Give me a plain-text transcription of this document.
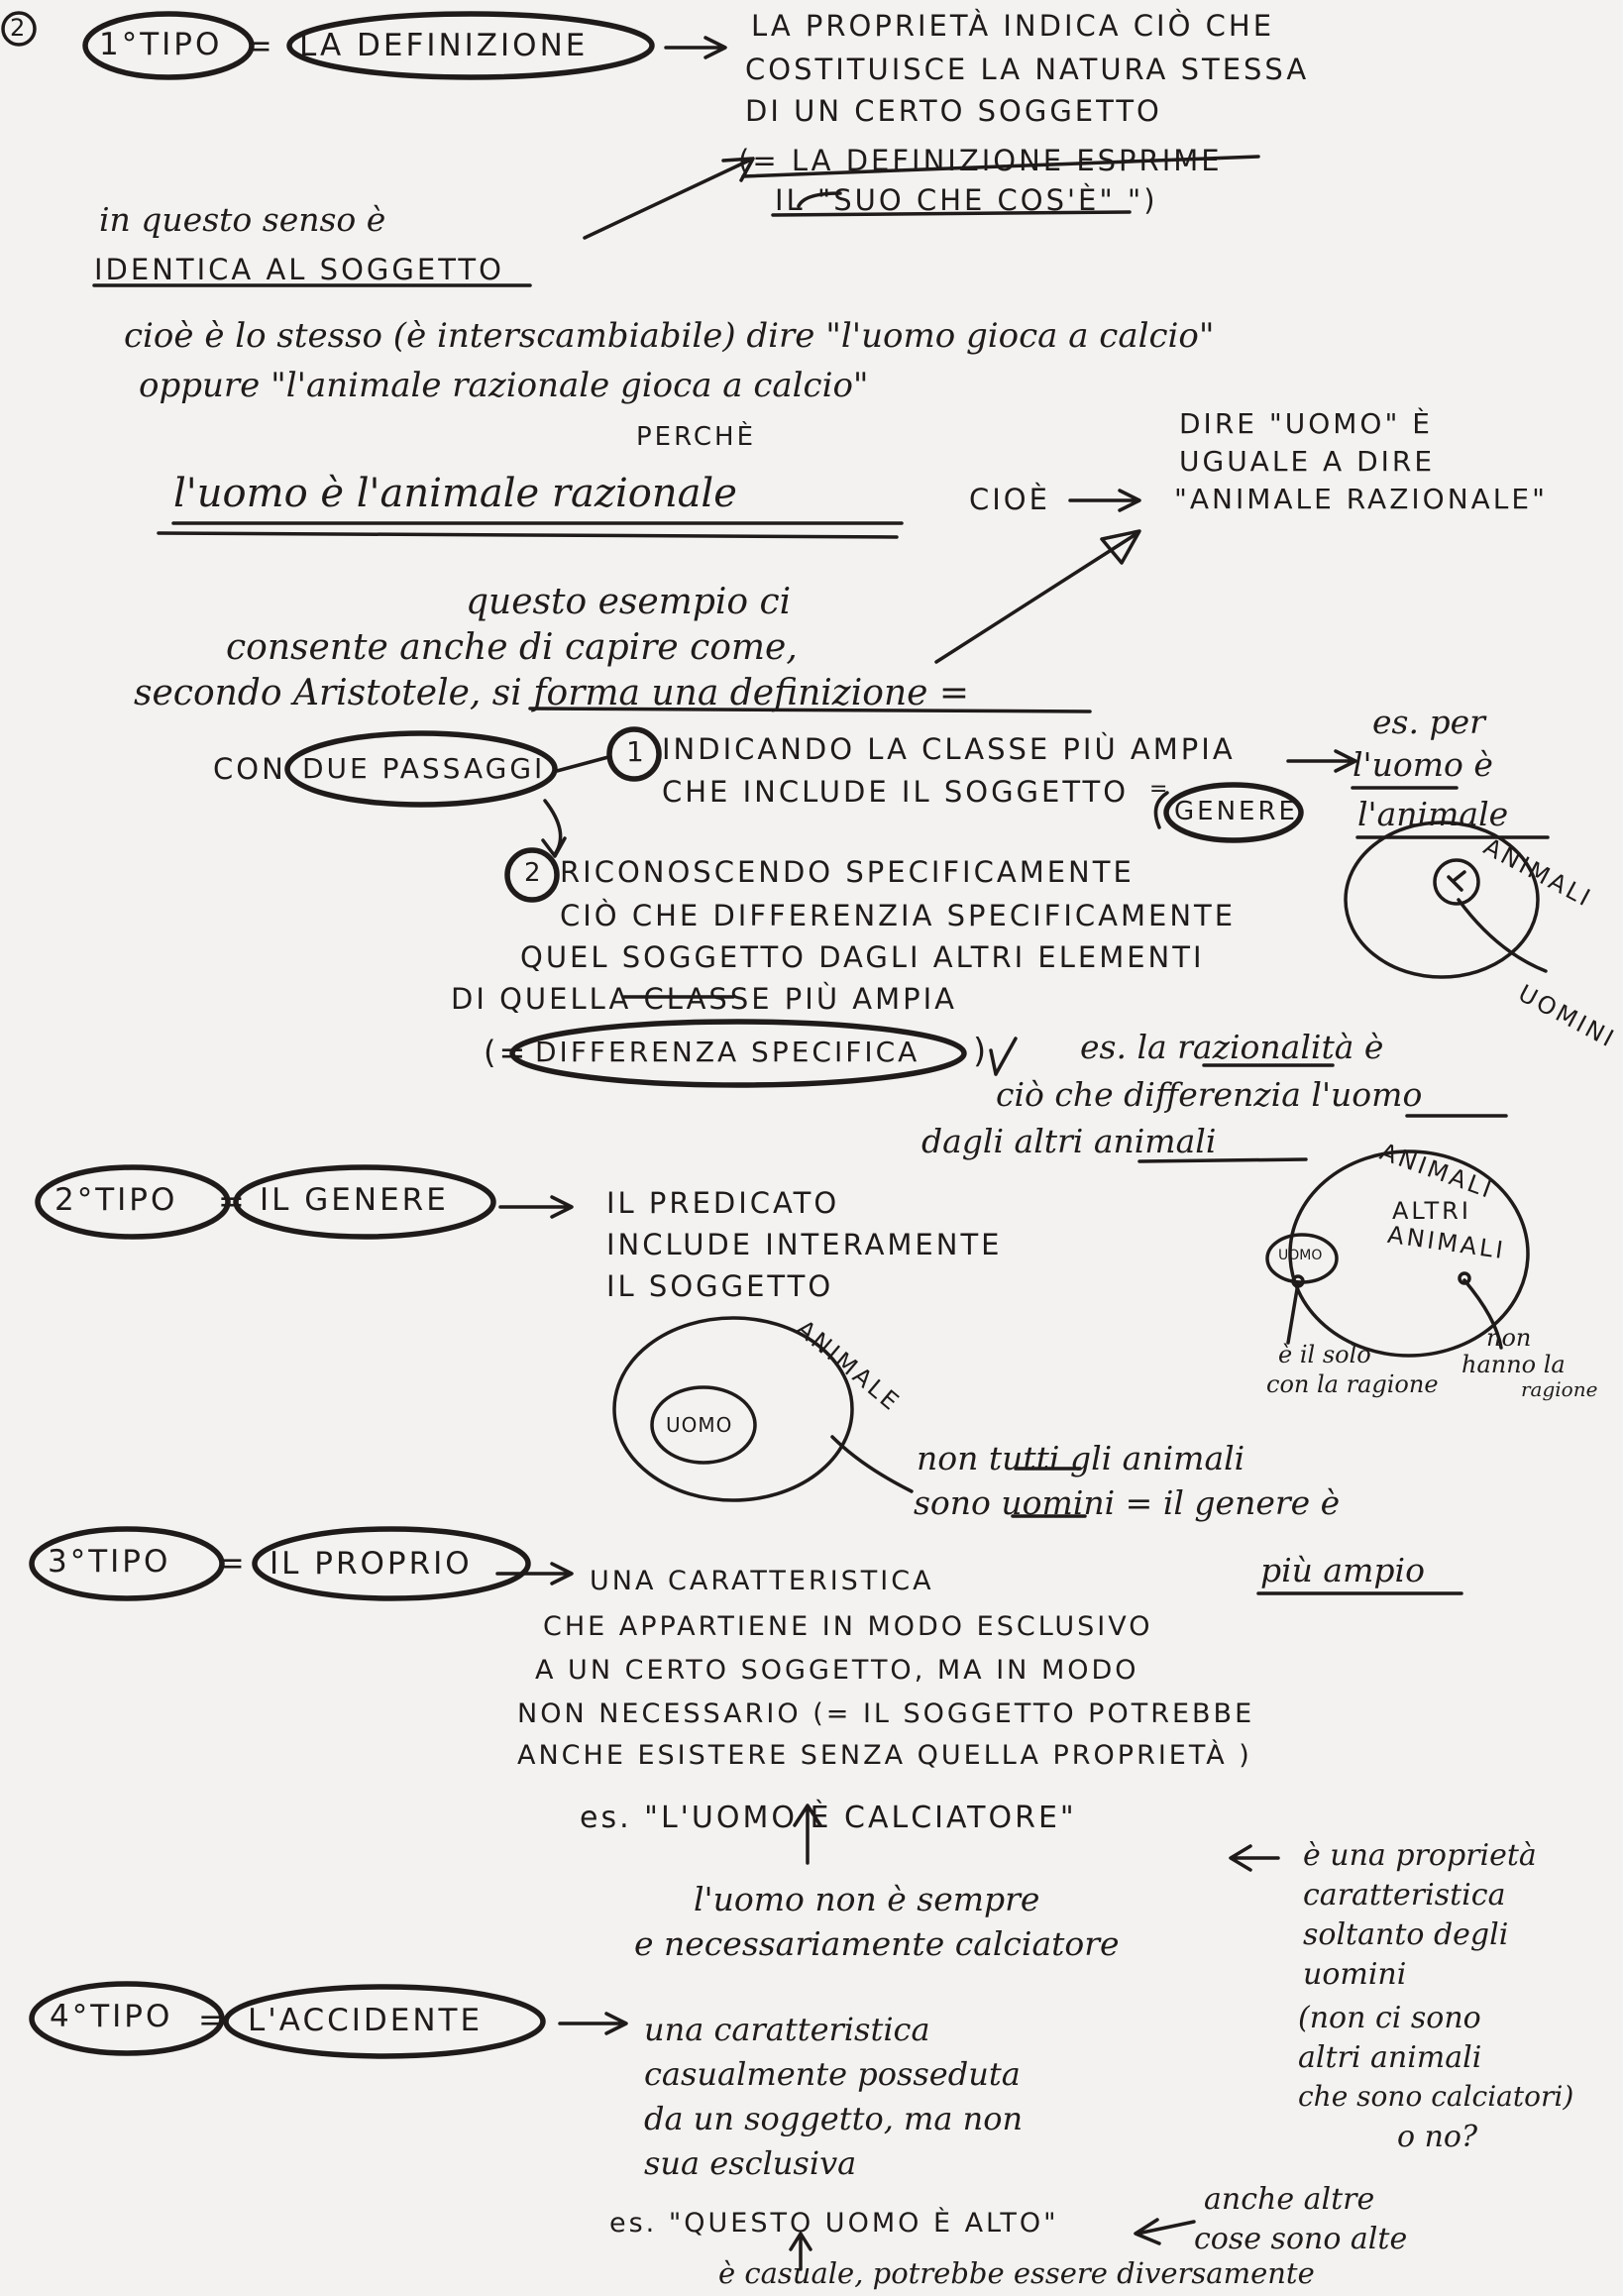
2 1°TIPO = LA DEFINIZIONE
LA PROPRIETÀ INDICA CIÒ CHE
COSTITUISCE LA NATURA STESSA
DI UN CERTO SOGGETTO
(= LA DEFINIZIONE ESPRIME
IL "SUO CHE COS'È" ")
in questo senso è
IDENTICA AL SOGGETTO
cioè è lo stesso (è interscambiabile) dire "l'uomo gioca a calcio"
oppure "l'animale razionale gioca a calcio"
PERCHÈ
l'uomo è l'animale razionale	CIOÈ
DIRE "UOMO" È
UGUALE A DIRE
"ANIMALE RAZIONALE"
questo esempio ci
consente anche di capire come,
secondo Aristotele, si forma una definizione =
CON DUE PASSAGGI
1 INDICANDO LA CLASSE PIÙ AMPIA
CHE INCLUDE IL SOGGETTO =
GENERE
es. per
l'uomo è
l'animale
ANIMALI
UOMINI
2 RICONOSCENDO SPECIFICAMENTE
CIÒ CHE DIFFERENZIA SPECIFICAMENTE
QUEL SOGGETTO DAGLI ALTRI ELEMENTI
DI QUELLA CLASSE PIÙ AMPIA
(= DIFFERENZA SPECIFICA )	es. la razionalità è
ciò che differenzia l'uomo
dagli altri animali	ANIMALI
UOMO
ALTRI
ANIMALI
è il solo
con la ragione
non
hanno la
ragione
2°TIPO = IL GENERE	IL PREDICATO
INCLUDE INTERAMENTE
IL SOGGETTO
ANIMALE
UOMO
non tutti gli animali
sono uomini = il genere è
più ampio
3°TIPO = IL PROPRIO	UNA CARATTERISTICA
CHE APPARTIENE IN MODO ESCLUSIVO
A UN CERTO SOGGETTO, MA IN MODO
NON NECESSARIO (= IL SOGGETTO POTREBBE
ANCHE ESISTERE SENZA QUELLA PROPRIETÀ )
es. "L'UOMO È CALCIATORE"
l'uomo non è sempre
e necessariamente calciatore
è una proprietà
caratteristica
soltanto degli
uomini
(non ci sono
altri animali
che sono calciatori)
o no?
4°TIPO = L'ACCIDENTE	una caratteristica
casualmente posseduta
da un soggetto, ma non
sua esclusiva
es. "QUESTO UOMO È ALTO"
anche altre
cose sono alte
è casuale, potrebbe essere diversamente
